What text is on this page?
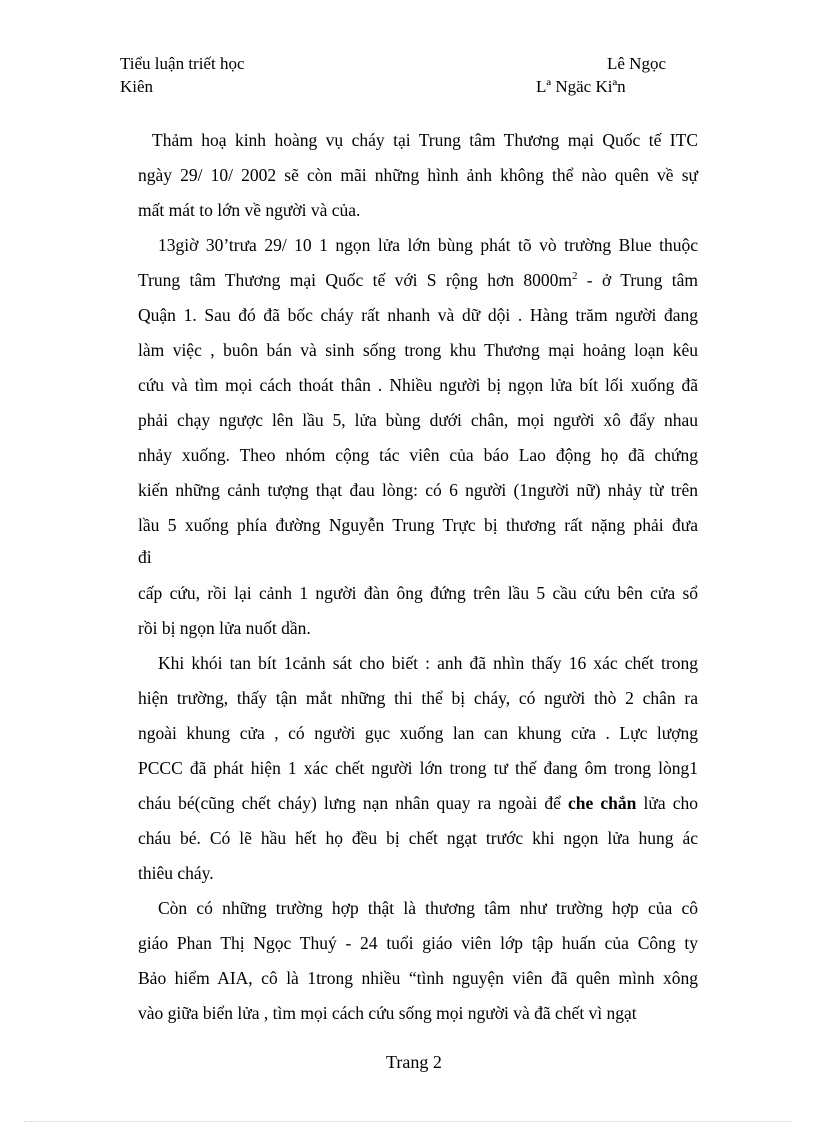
Tiểu luận triết học
Kiên
Lê Ngọc
Lª Ngäc Kiªn
Thảm hoạ kinh hoàng vụ cháy tại Trung tâm Thương mại Quốc tế ITC
ngày 29/ 10/ 2002 sẽ còn mãi những hình ảnh không thể nào quên về sự
mất mát to lớn về người và của.
13giờ 30’trưa 29/ 10 1 ngọn lửa lớn bùng phát tõ vò trường Blue thuộc
Trung tâm Thương mại Quốc tế với S rộng hơn $8000m^2$ - ở Trung tâm
Quận 1. Sau đó đã bốc cháy rất nhanh và dữ dội . Hàng trăm người đang
làm việc , buôn bán và sinh sống trong khu Thương mại hoảng loạn kêu
cứu và tìm mọi cách thoát thân . Nhiều người bị ngọn lửa bít lối xuống đã
phải chạy ngược lên lầu 5, lửa bùng dưới chân, mọi người xô đẩy nhau
nhảy xuống. Theo nhóm cộng tác viên của báo Lao động họ đã chứng
kiến những cảnh tượng thạt đau lòng: có 6 người (1người nữ) nhảy từ trên
lầu 5 xuống phía đường Nguyễn Trung Trực bị thương rất nặng phải đưa
đi
cấp cứu, rồi lại cảnh 1 người đàn ông đứng trên lầu 5 cầu cứu bên cửa sổ
rồi bị ngọn lửa nuốt dần.
Khi khói tan bít 1cảnh sát cho biết : anh đã nhìn thấy 16 xác chết trong
hiện trường, thấy tận mắt những thi thể bị cháy, có người thò 2 chân ra
ngoài khung cửa , có người gục xuống lan can khung cửa . Lực lượng
PCCC đã phát hiện 1 xác chết người lớn trong tư thế đang ôm trong lòng1
cháu bé(cũng chết cháy) lưng nạn nhân quay ra ngoài để che chắn lửa cho
cháu bé. Có lẽ hầu hết họ đều bị chết ngạt trước khi ngọn lửa hung ác
thiêu cháy.
Còn có những trường hợp thật là thương tâm như trường hợp của cô
giáo Phan Thị Ngọc Thuý - 24 tuổi giáo viên lớp tập huấn của Công ty
Bảo hiểm AIA, cô là 1trong nhiều “tình nguyện viên đã quên mình xông
vào giữa biển lửa , tìm mọi cách cứu sống mọi người và đã chết vì ngạt
Trang 2
